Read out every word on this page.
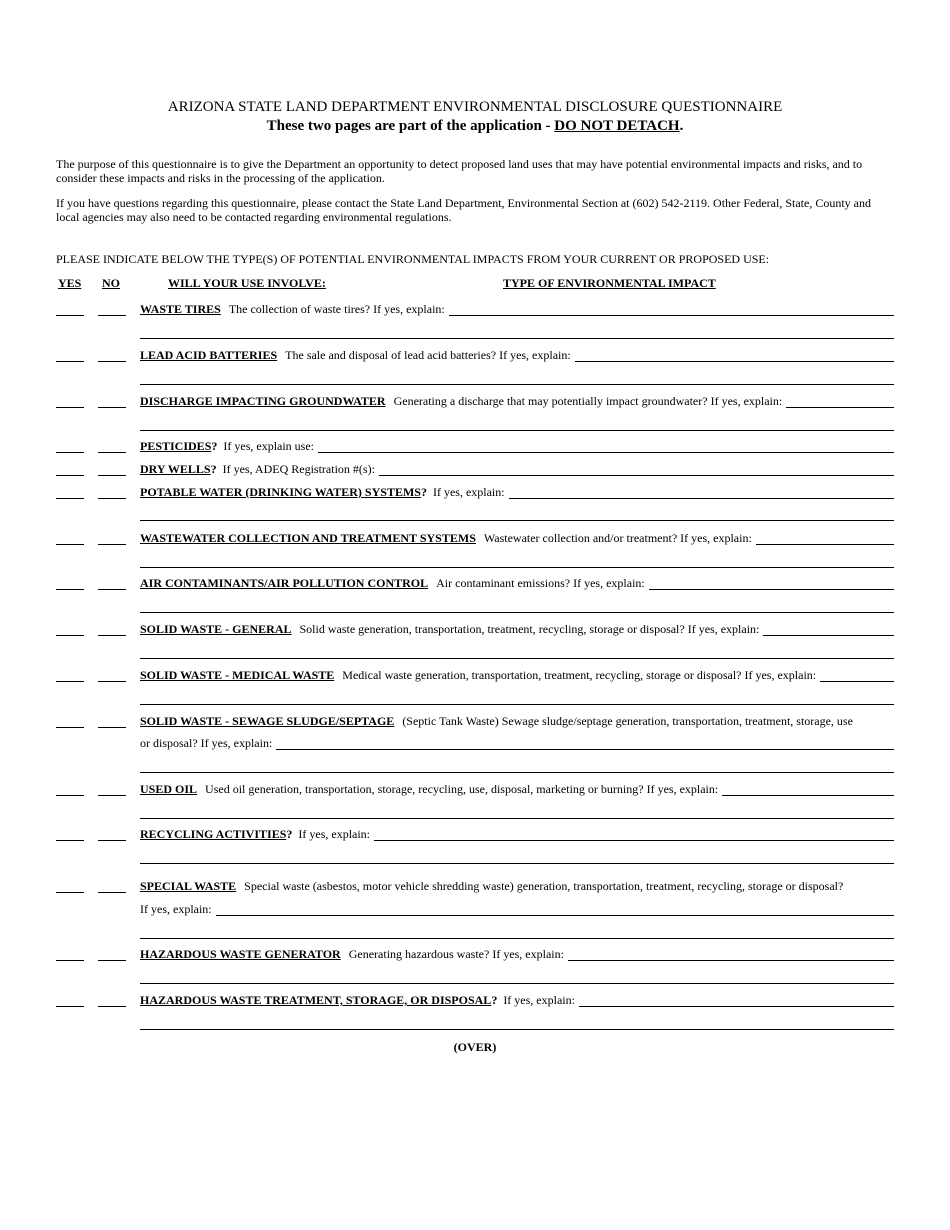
ARIZONA STATE LAND DEPARTMENT ENVIRONMENTAL DISCLOSURE QUESTIONNAIRE
These two pages are part of the application - DO NOT DETACH.
The purpose of this questionnaire is to give the Department an opportunity to detect proposed land uses that may have potential environmental impacts and risks, and to consider these impacts and risks in the processing of the application.
If you have questions regarding this questionnaire, please contact the State Land Department, Environmental Section at (602) 542-2119. Other Federal, State, County and local agencies may also need to be contacted regarding environmental regulations.
PLEASE INDICATE BELOW THE TYPE(S) OF POTENTIAL ENVIRONMENTAL IMPACTS FROM YOUR CURRENT OR PROPOSED USE:
YES NO	WILL YOUR USE INVOLVE:	TYPE OF ENVIRONMENTAL IMPACT
WASTE TIRES The collection of waste tires? If yes, explain:
LEAD ACID BATTERIES The sale and disposal of lead acid batteries? If yes, explain:
DISCHARGE IMPACTING GROUNDWATER Generating a discharge that may potentially impact groundwater? If yes, explain:
PESTICIDES ? If yes, explain use:
DRY WELLS ? If yes, ADEQ Registration #(s):
POTABLE WATER (DRINKING WATER) SYSTEMS ? If yes, explain:
WASTEWATER COLLECTION AND TREATMENT SYSTEMS Wastewater collection and/or treatment? If yes, explain:
AIR CONTAMINANTS/AIR POLLUTION CONTROL Air contaminant emissions? If yes, explain:
SOLID WASTE - GENERAL Solid waste generation, transportation, treatment, recycling, storage or disposal? If yes, explain:
SOLID WASTE - MEDICAL WASTE Medical waste generation, transportation, treatment, recycling, storage or disposal? If yes, explain:
SOLID WASTE - SEWAGE SLUDGE/SEPTAGE (Septic Tank Waste) Sewage sludge/septage generation, transportation, treatment, storage, use
or disposal? If yes, explain:
USED OIL Used oil generation, transportation, storage, recycling, use, disposal, marketing or burning? If yes, explain:
RECYCLING ACTIVITIES ? If yes, explain:
SPECIAL WASTE Special waste (asbestos, motor vehicle shredding waste) generation, transportation, treatment, recycling, storage or disposal?
If yes, explain:
HAZARDOUS WASTE GENERATOR Generating hazardous waste? If yes, explain:
HAZARDOUS WASTE TREATMENT, STORAGE, OR DISPOSAL ? If yes, explain:
(OVER)
